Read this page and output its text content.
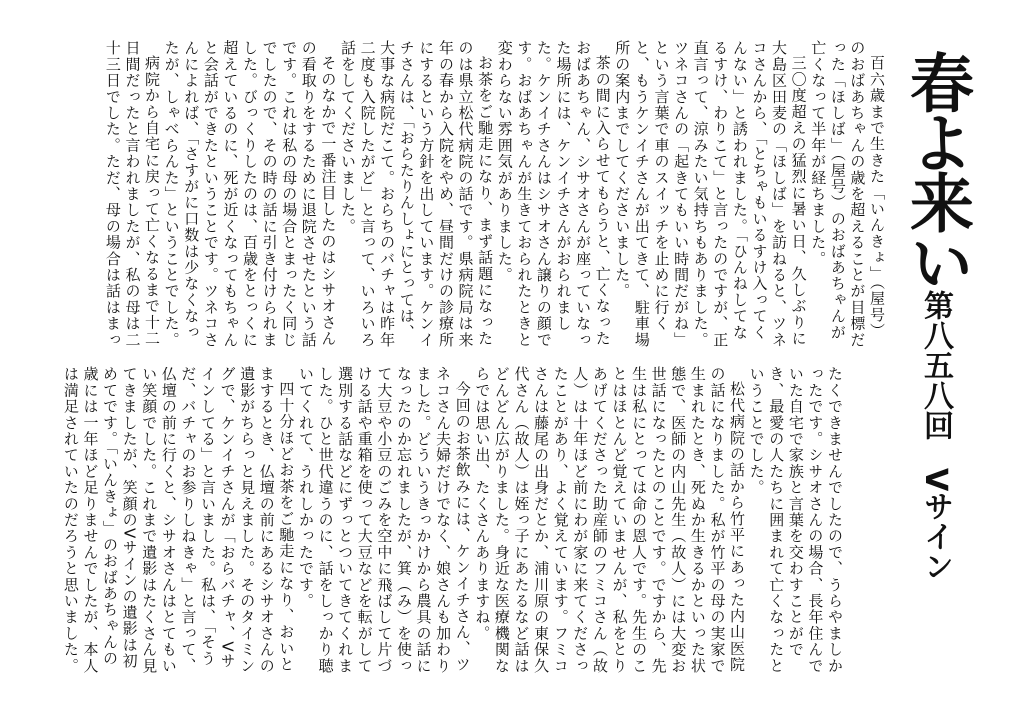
春よ来い
第八五八回
Vサイン

百六歳まで生きた「いんきょ」（屋号）のおばあちゃんの歳を超えることが目標だった「ほしば」（屋号）のおばあちゃんが亡くなって半年が経ちました。

三〇度超えの猛烈に暑い日、久しぶりに大島区田麦の「ほしば」を訪ねると、ツネコさんから、「とちゃもいるすけ入ってくんない」と誘われました。「ひんねしてなるすけ、わりこて」と言ったのですが、正直言って、涼みたい気持ちもありました。ツネコさんの「起きてもいい時間だがね」という言葉で車のスイッチを止めに行くと、もうケンイチさんが出てきて、駐車場所の案内までしてくださいました。

茶の間に入らせてもらうと、亡くなったおばあちゃん、シサオさんが座っていなった場所には、ケンイチさんがおられました。ケンイチさんはシサオさん譲りの顔です。おばあちゃんが生きておられたときと変わらない雰囲気がありました。

お茶をご馳走になり、まず話題になったのは県立松代病院の話です。県病院局は来年の春から入院をやめ、昼間だけの診療所にするという方針を出しています。ケンイチさんは、「おらたりんしょにとっては、大事な病院だこて。おらちのバチャは昨年二度も入院したがど」と言って、いろいろ話をしてくださいました。

そのなかで一番注目したのはシサオさんの看取りをするために退院させたという話です。これは私の母の場合とまったく同じでしたので、その時の話に引き付けられました。びっくりしたのは、百歳をとっくに超えているのに、死が近くなってもちゃんと会話ができたということです。ツネコさんによれば、「さすがに口数は少なくなったが、しゃべらんた」ということでした。

病院から自宅に戻って亡くなるまで十二日間だったと言われましたが、私の母は二十三日でした。ただ、母の場合は話はまっ

たくできませんでしたので、うらやましかったです。シサオさんの場合、長年住んでいた自宅で家族と言葉を交わすことができ、最愛の人たちに囲まれて亡くなったということでした。

松代病院の話から竹平にあった内山医院の話になりました。私が竹平の母の実家で生まれたとき、死ぬか生きるかといった状態で、医師の内山先生（故人）には大変お世話になったとのことです。ですから、先生は私にとっては命の恩人です。先生のことはほとんど覚えていませんが、私をとりあげてくださった助産師のフミコさん（故人）は十年ほど前にわが家に来てくださったことがあり、よく覚えています。フミコさんは藤尾の出身だとか、浦川原の東保久代さん（故人）は姪っ子にあたるなど話はどんどん広がりました。身近な医療機関ならでは思い出、たくさんありますね。

今回のお茶飲みには、ケンイチさん、ツネコさん夫婦だけでなく、娘さんも加わりました。どういうきっかけから農具の話になったのか忘れましたが、箕（み）を使って大豆や小豆のごみを空中に飛ばして片づける話や重箱を使って大豆などを転がして選別する話などにずっとついてきてくれました。ひと世代違うのに、話をしっかり聴いてくれて、うれしかったです。

四十分ほどお茶をご馳走になり、おいとまするとき、仏壇の前にあるシサオさんの遺影がちらっと見えました。そのタイミングで、ケンイチさんが「おらバチャ、Vサインしてる」と言いました。私は、「そうだ、バチャのお参りしねきゃ」と言って、仏壇の前に行くと、シサオさんはとてもいい笑顔でした。これまで遺影はたくさん見てきましたが、笑顔のVサインの遺影は初めてです。「いんきょ」のおばあちゃんの歳には一年ほど足りませんでしたが、本人は満足されていたのだろうと思いました。
